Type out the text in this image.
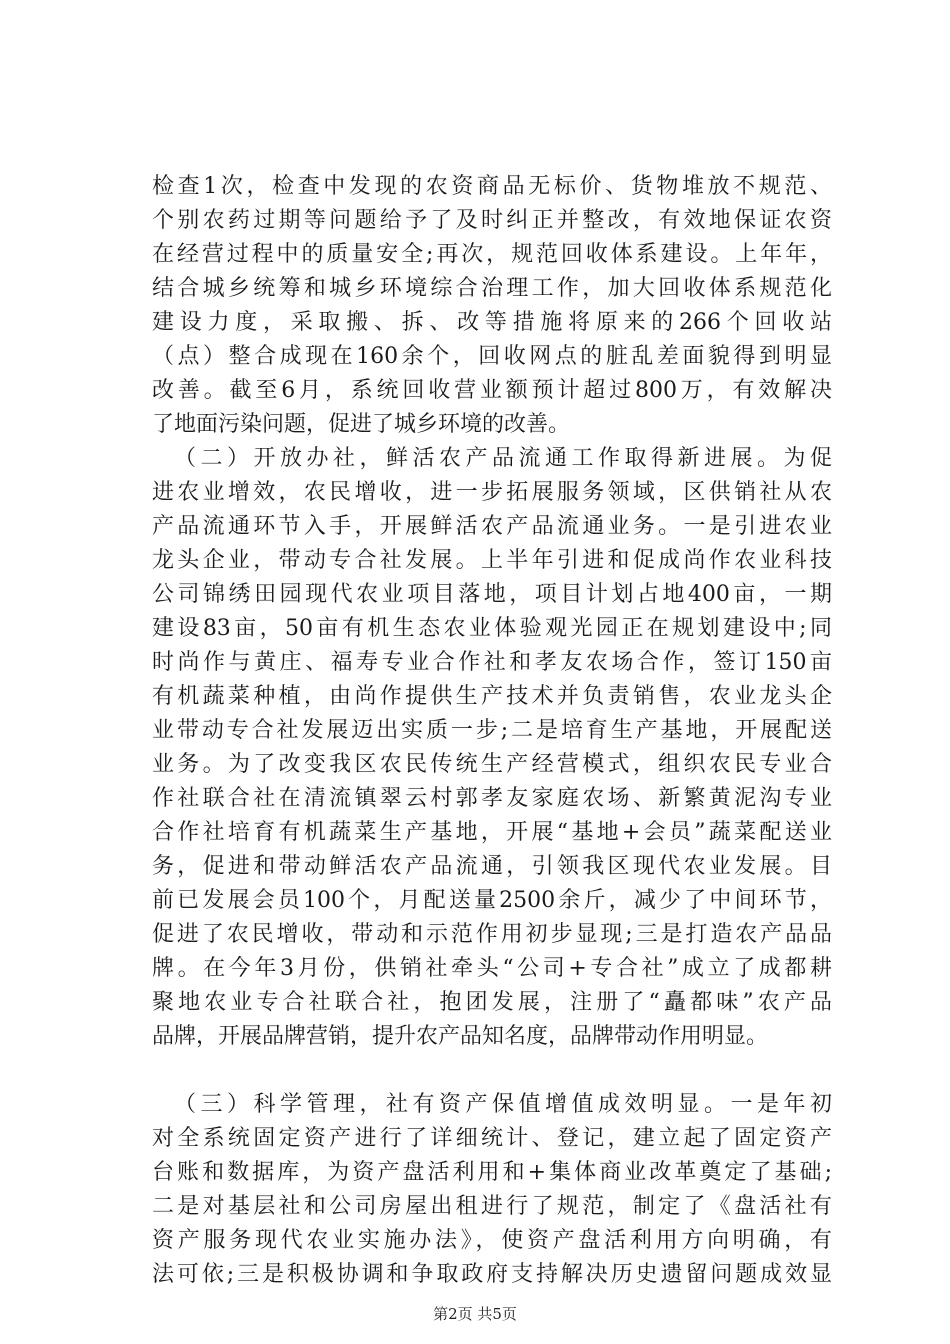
检查1次，检查中发现的农资商品无标价、货物堆放不规范、
个别农药过期等问题给予了及时纠正并整改，有效地保证农资
在经营过程中的质量安全;再次，规范回收体系建设。上年年，
结合城乡统筹和城乡环境综合治理工作，加大回收体系规范化
建设力度，采取搬、拆、改等措施将原来的266个回收站
（点）整合成现在160余个，回收网点的脏乱差面貌得到明显
改善。截至6月，系统回收营业额预计超过800万，有效解决
了地面污染问题，促进了城乡环境的改善。
（二）开放办社，鲜活农产品流通工作取得新进展。为促
进农业增效，农民增收，进一步拓展服务领域，区供销社从农
产品流通环节入手，开展鲜活农产品流通业务。一是引进农业
龙头企业，带动专合社发展。上半年引进和促成尚作农业科技
公司锦绣田园现代农业项目落地，项目计划占地400亩，一期
建设83亩，50亩有机生态农业体验观光园正在规划建设中;同
时尚作与黄庄、福寿专业合作社和孝友农场合作，签订150亩
有机蔬菜种植，由尚作提供生产技术并负责销售，农业龙头企
业带动专合社发展迈出实质一步;二是培育生产基地，开展配送
业务。为了改变我区农民传统生产经营模式，组织农民专业合
作社联合社在清流镇翠云村郭孝友家庭农场、新繁黄泥沟专业
合作社培育有机蔬菜生产基地，开展“基地+会员”蔬菜配送业
务，促进和带动鲜活农产品流通，引领我区现代农业发展。目
前已发展会员100个，月配送量2500余斤，减少了中间环节，
促进了农民增收，带动和示范作用初步显现;三是打造农产品品
牌。在今年3月份，供销社牵头“公司+专合社”成立了成都耕
聚地农业专合社联合社，抱团发展，注册了“矗都味”农产品
品牌，开展品牌营销，提升农产品知名度，品牌带动作用明显。
（三）科学管理，社有资产保值增值成效明显。一是年初
对全系统固定资产进行了详细统计、登记，建立起了固定资产
台账和数据库，为资产盘活利用和+集体商业改革奠定了基础;
二是对基层社和公司房屋出租进行了规范，制定了《盘活社有
资产服务现代农业实施办法》，使资产盘活利用方向明确，有
法可依;三是积极协调和争取政府支持解决历史遗留问题成效显
第2页 共5页
